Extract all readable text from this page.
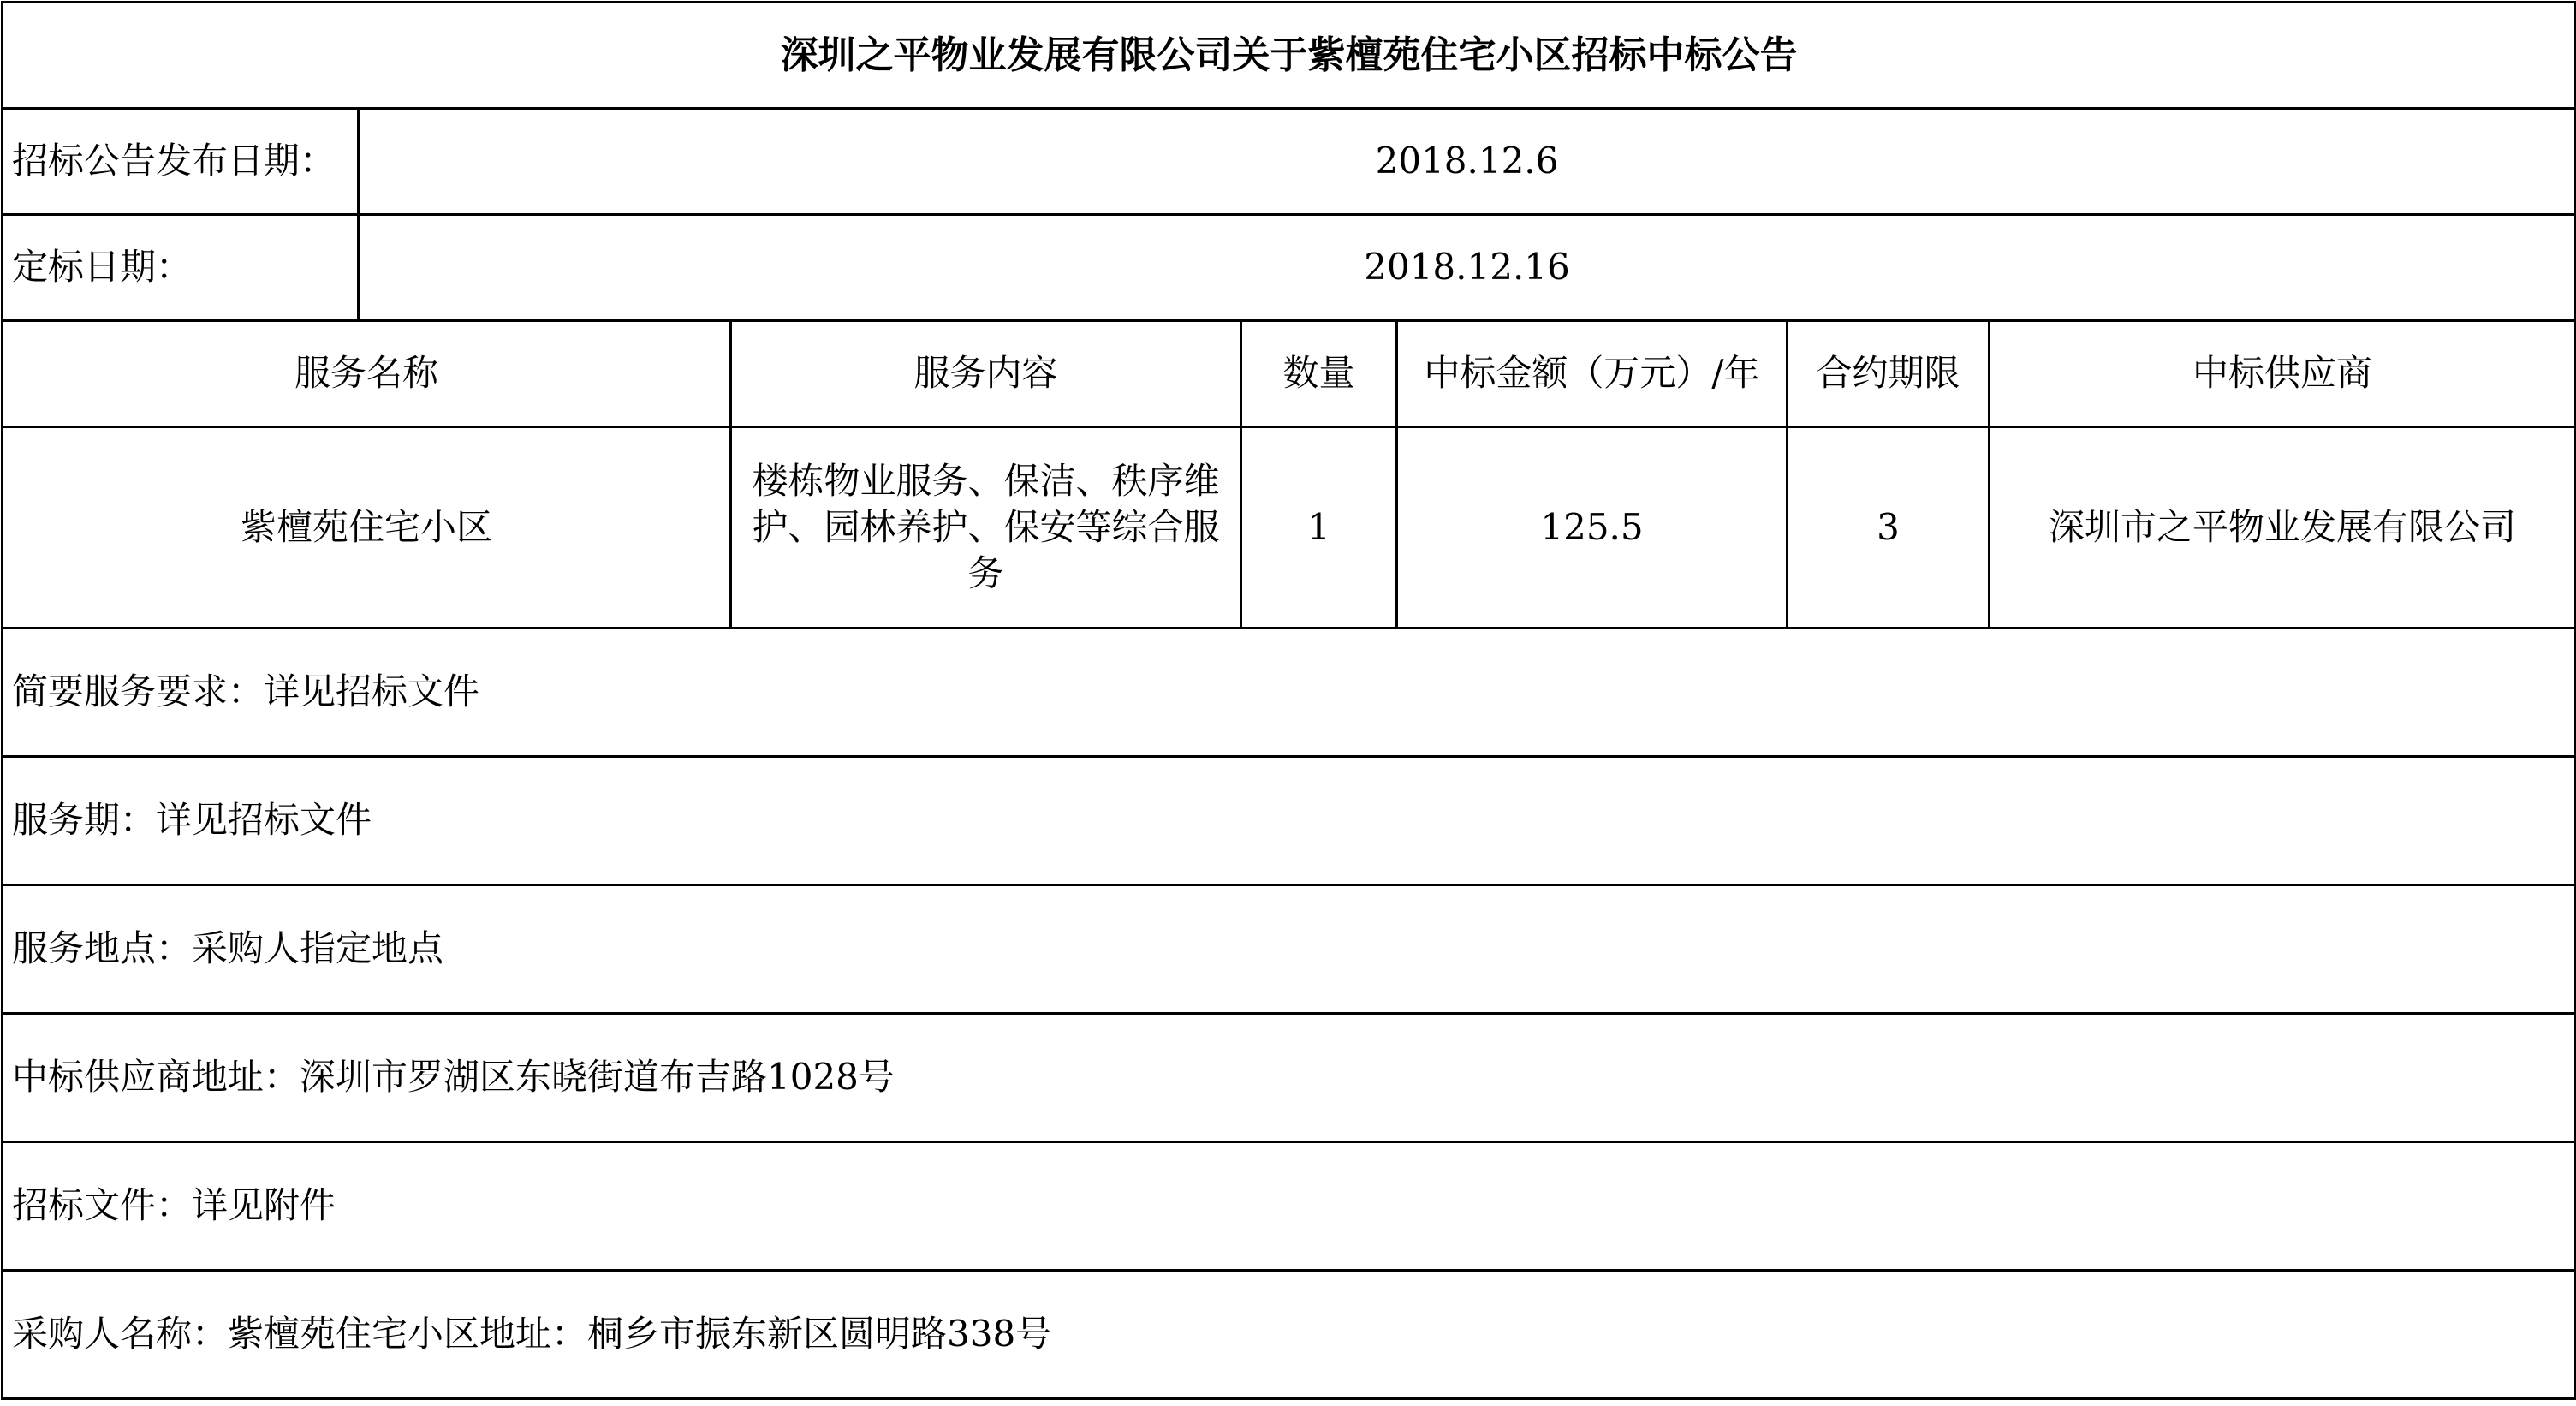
深圳之平物业发展有限公司关于紫檀苑住宅小区招标中标公告						
招标公告发布日期：	2018.12.6					
定标日期：	2018.12.16					
服务名称		服务内容	数量	中标金额（万元）/年	合约期限	中标供应商
紫檀苑住宅小区		楼栋物业服务、保洁、秩序维护、园林养护、保安等综合服务	1	125.5	3	深圳市之平物业发展有限公司
简要服务要求：详见招标文件						
服务期：详见招标文件						
服务地点：采购人指定地点						
中标供应商地址：深圳市罗湖区东晓街道布吉路1028号						
招标文件：详见附件						
采购人名称：紫檀苑住宅小区地址：桐乡市振东新区圆明路338号						
